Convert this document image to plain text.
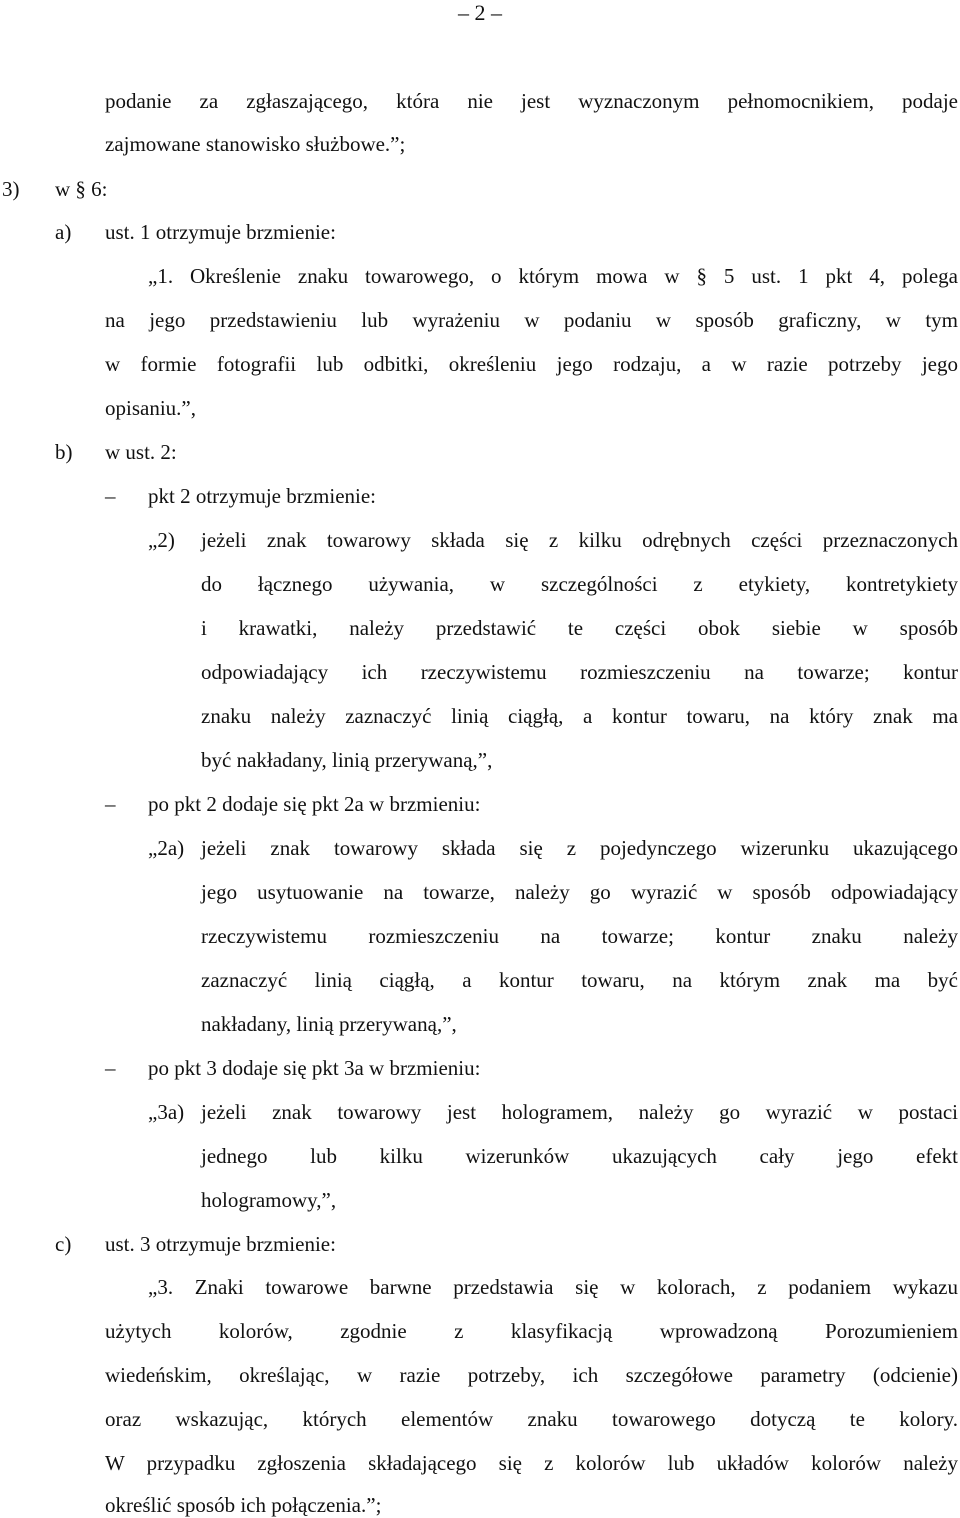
– 2 –
podanie za zgłaszającego, która nie jest wyznaczonym pełnomocnikiem, podaje
zajmowane stanowisko służbowe.”;
3) w § 6:
a) ust. 1 otrzymuje brzmienie:
„1. Określenie znaku towarowego, o którym mowa w § 5 ust. 1 pkt 4, polega
na jego przedstawieniu lub wyrażeniu w podaniu w sposób graficzny, w tym
w formie fotografii lub odbitki, określeniu jego rodzaju, a w razie potrzeby jego
opisaniu.”,
b) w ust. 2:
– pkt 2 otrzymuje brzmienie:
„2) jeżeli znak towarowy składa się z kilku odrębnych części przeznaczonych
do łącznego używania, w szczególności z etykiety, kontretykiety
i krawatki, należy przedstawić te części obok siebie w sposób
odpowiadający ich rzeczywistemu rozmieszczeniu na towarze; kontur
znaku należy zaznaczyć linią ciągłą, a kontur towaru, na który znak ma
być nakładany, linią przerywaną,”,
– po pkt 2 dodaje się pkt 2a w brzmieniu:
„2a) jeżeli znak towarowy składa się z pojedynczego wizerunku ukazującego
jego usytuowanie na towarze, należy go wyrazić w sposób odpowiadający
rzeczywistemu rozmieszczeniu na towarze; kontur znaku należy
zaznaczyć linią ciągłą, a kontur towaru, na którym znak ma być
nakładany, linią przerywaną,”,
– po pkt 3 dodaje się pkt 3a w brzmieniu:
„3a) jeżeli znak towarowy jest hologramem, należy go wyrazić w postaci
jednego lub kilku wizerunków ukazujących cały jego efekt
hologramowy,”,
c) ust. 3 otrzymuje brzmienie:
„3. Znaki towarowe barwne przedstawia się w kolorach, z podaniem wykazu
użytych kolorów, zgodnie z klasyfikacją wprowadzoną Porozumieniem
wiedeńskim, określając, w razie potrzeby, ich szczegółowe parametry (odcienie)
oraz wskazując, których elementów znaku towarowego dotyczą te kolory.
W przypadku zgłoszenia składającego się z kolorów lub układów kolorów należy
określić sposób ich połączenia.”;
